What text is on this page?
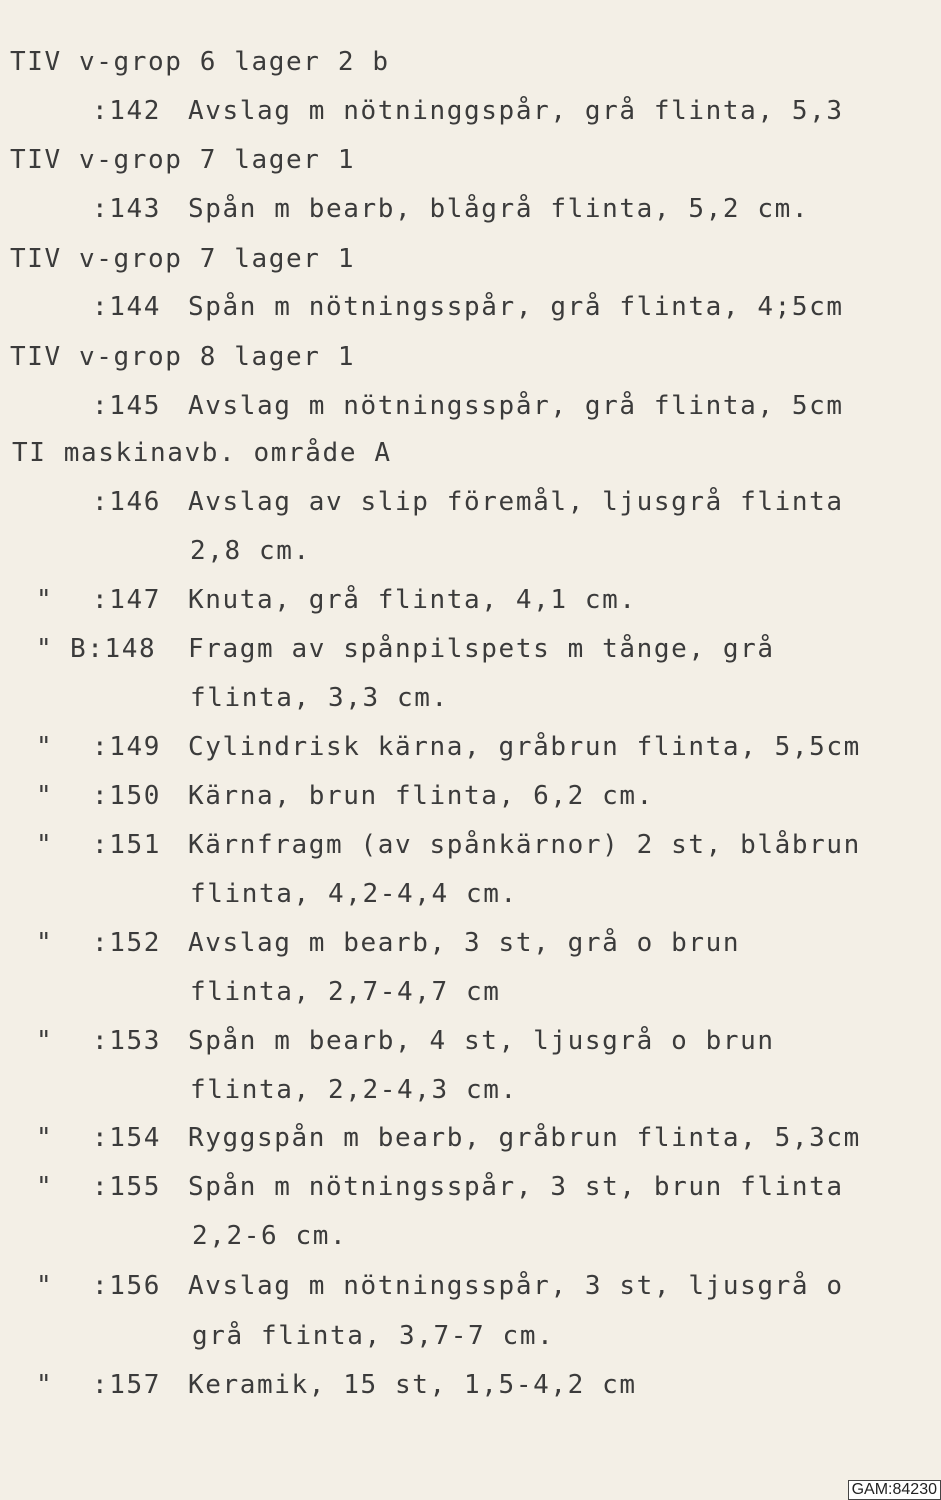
TIV v-grop 6 lager 2 b
:142 Avslag m nötninggspår, grå flinta, 5,3
TIV v-grop 7 lager 1
:143 Spån m bearb, blågrå flinta, 5,2 cm.
TIV v-grop 7 lager 1
:144 Spån m nötningsspår, grå flinta, 4;5cm
TIV v-grop 8 lager 1
:145 Avslag m nötningsspår, grå flinta, 5cm
TI maskinavb. område A
:146 Avslag av slip föremål, ljusgrå flinta
2,8 cm.
" :147 Knuta, grå flinta, 4,1 cm.
" B:148 Fragm av spånpilspets m tånge, grå
flinta, 3,3 cm.
" :149 Cylindrisk kärna, gråbrun flinta, 5,5cm
" :150 Kärna, brun flinta, 6,2 cm.
" :151 Kärnfragm (av spånkärnor) 2 st, blåbrun
flinta, 4,2-4,4 cm.
" :152 Avslag m bearb, 3 st, grå o brun
flinta, 2,7-4,7 cm
" :153 Spån m bearb, 4 st, ljusgrå o brun
flinta, 2,2-4,3 cm.
" :154 Ryggspån m bearb, gråbrun flinta, 5,3cm
" :155 Spån m nötningsspår, 3 st, brun flinta
2,2-6 cm.
" :156 Avslag m nötningsspår, 3 st, ljusgrå o
grå flinta, 3,7-7 cm.
" :157 Keramik, 15 st, 1,5-4,2 cm
GAM:84230
